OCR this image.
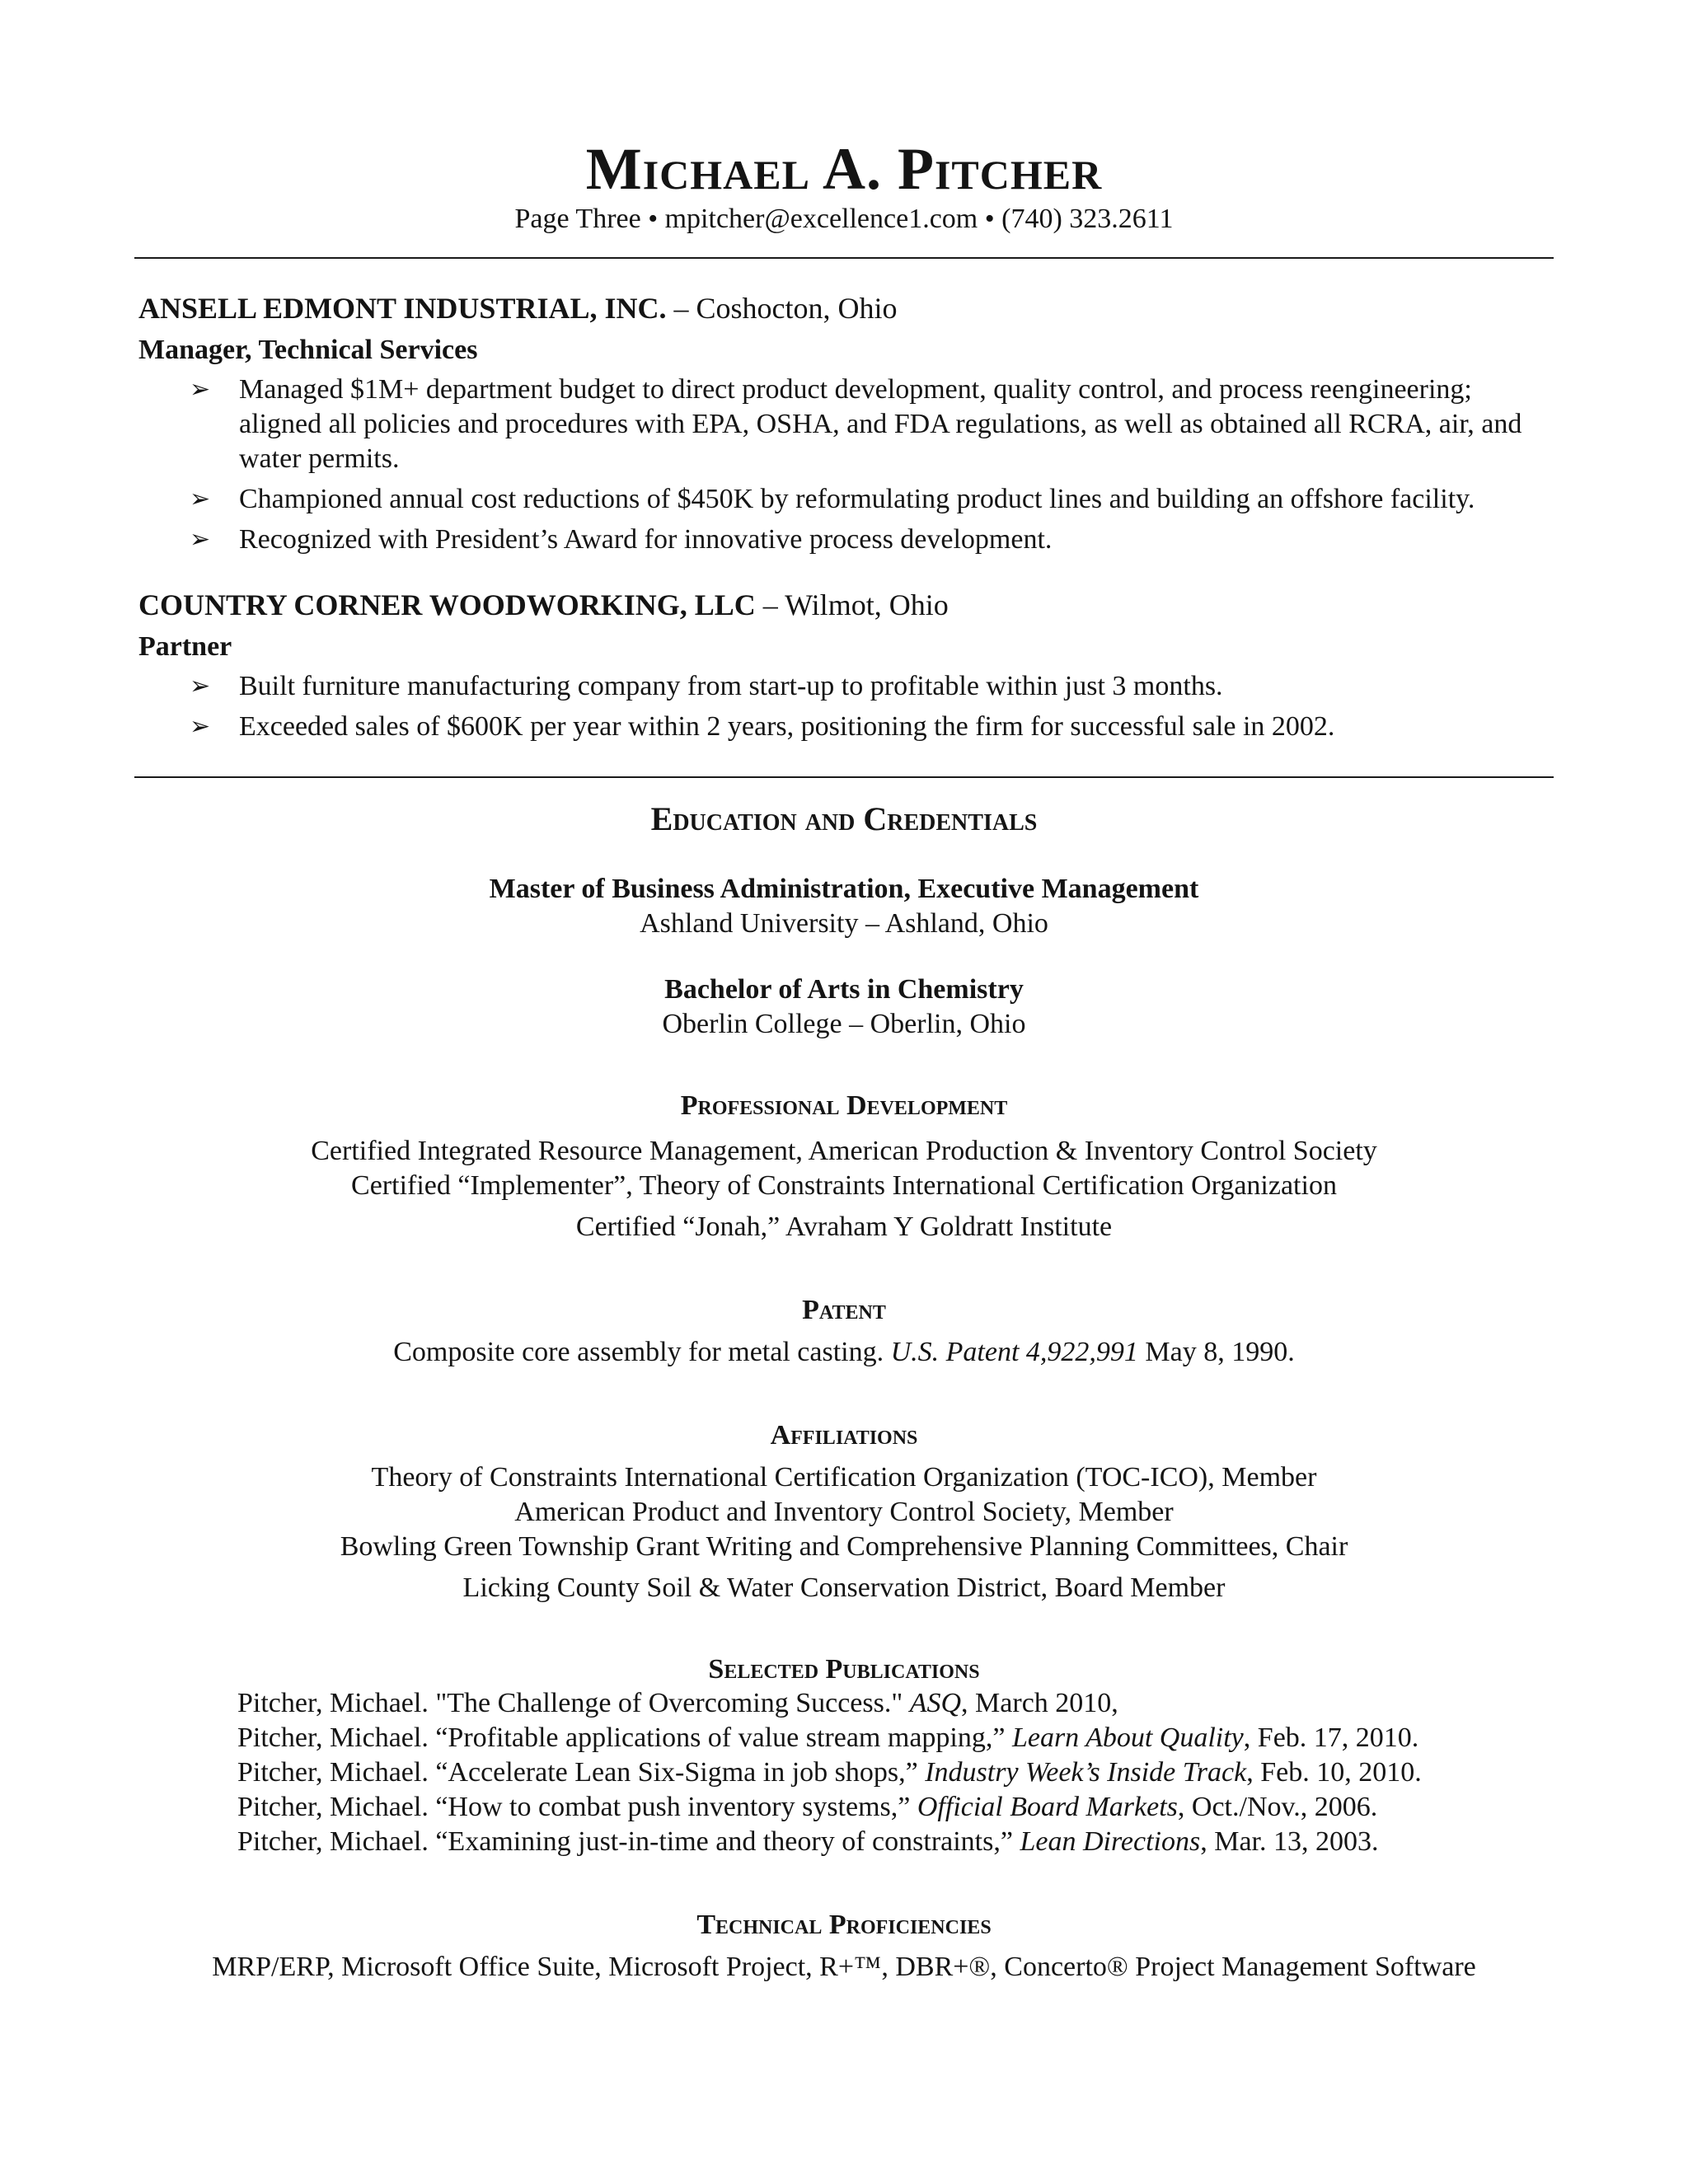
Michael A. Pitcher
Page Three • mpitcher@excellence1.com • (740) 323.2611
ANSELL EDMONT INDUSTRIAL, INC. – Coshocton, Ohio
Manager, Technical Services
➢ Managed $1M+ department budget to direct product development, quality control, and process reengineering; aligned all policies and procedures with EPA, OSHA, and FDA regulations, as well as obtained all RCRA, air, and water permits.
➢ Championed annual cost reductions of $450K by reformulating product lines and building an offshore facility.
➢ Recognized with President’s Award for innovative process development.
COUNTRY CORNER WOODWORKING, LLC – Wilmot, Ohio
Partner
➢ Built furniture manufacturing company from start-up to profitable within just 3 months.
➢ Exceeded sales of $600K per year within 2 years, positioning the firm for successful sale in 2002.
Education and Credentials
Master of Business Administration, Executive Management
Ashland University – Ashland, Ohio
Bachelor of Arts in Chemistry
Oberlin College – Oberlin, Ohio
Professional Development
Certified Integrated Resource Management, American Production & Inventory Control Society
Certified “Implementer”, Theory of Constraints International Certification Organization
Certified “Jonah,” Avraham Y Goldratt Institute
Patent
Composite core assembly for metal casting. U.S. Patent 4,922,991 May 8, 1990.
Affiliations
Theory of Constraints International Certification Organization (TOC-ICO), Member
American Product and Inventory Control Society, Member
Bowling Green Township Grant Writing and Comprehensive Planning Committees, Chair
Licking County Soil & Water Conservation District, Board Member
Selected Publications
Pitcher, Michael. "The Challenge of Overcoming Success." ASQ, March 2010,
Pitcher, Michael. “Profitable applications of value stream mapping,” Learn About Quality, Feb. 17, 2010.
Pitcher, Michael. “Accelerate Lean Six-Sigma in job shops,” Industry Week’s Inside Track, Feb. 10, 2010.
Pitcher, Michael. “How to combat push inventory systems,” Official Board Markets, Oct./Nov., 2006.
Pitcher, Michael. “Examining just-in-time and theory of constraints,” Lean Directions, Mar. 13, 2003.
Technical Proficiencies
MRP/ERP, Microsoft Office Suite, Microsoft Project, R+™, DBR+®, Concerto® Project Management Software
